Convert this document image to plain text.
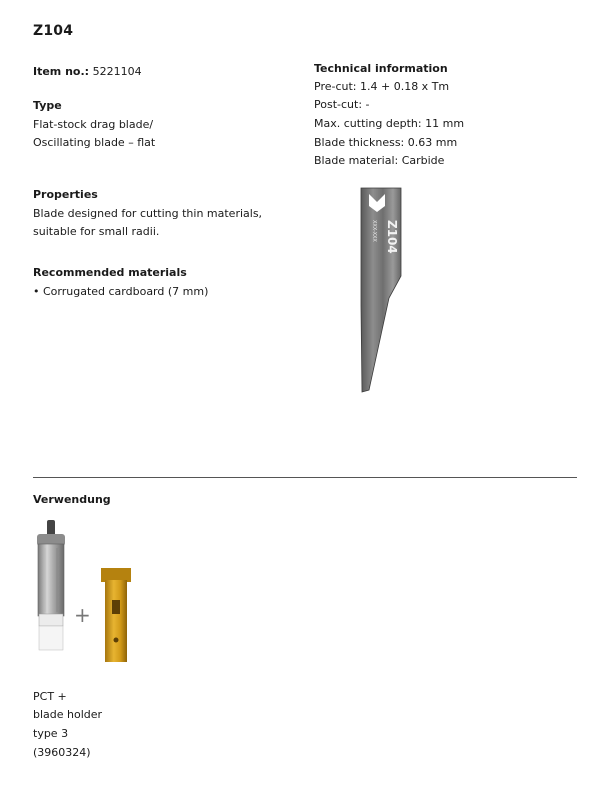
Z104
Item no.: 5221104
Type
Flat-stock drag blade/
Oscillating blade – flat
Properties
Blade designed for cutting thin materials,
suitable for small radii.
Recommended materials
• Corrugated cardboard (7 mm)
Technical information
Pre-cut: 1.4 + 0.18 x Tm
Post-cut: -
Max. cutting depth: 11 mm
Blade thickness: 0.63 mm
Blade material: Carbide
Z104
XXX-XXX
Verwendung
+
PCT +
blade holder
type 3
(3960324)
